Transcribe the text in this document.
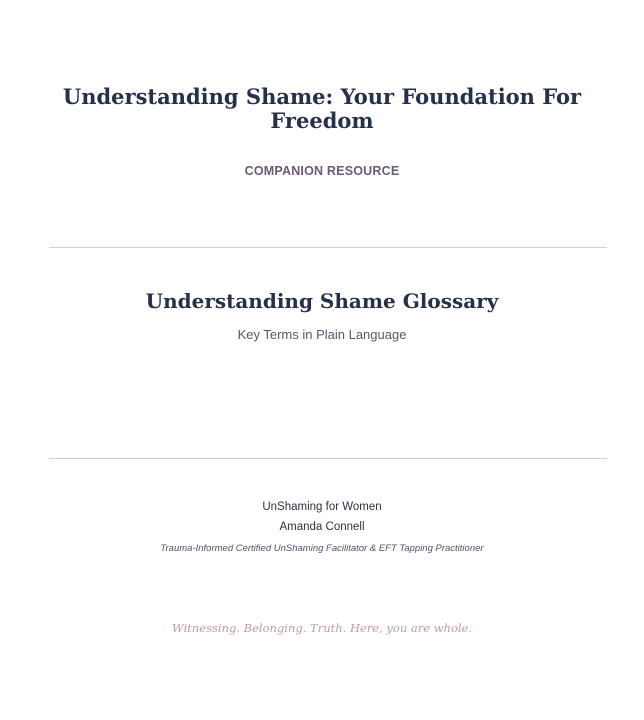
Understanding Shame: Your Foundation For Freedom
COMPANION RESOURCE
Understanding Shame Glossary
Key Terms in Plain Language
UnShaming for Women
Amanda Connell
Trauma-Informed Certified UnShaming Facilitator & EFT Tapping Practitioner
Witnessing. Belonging. Truth. Here, you are whole.
